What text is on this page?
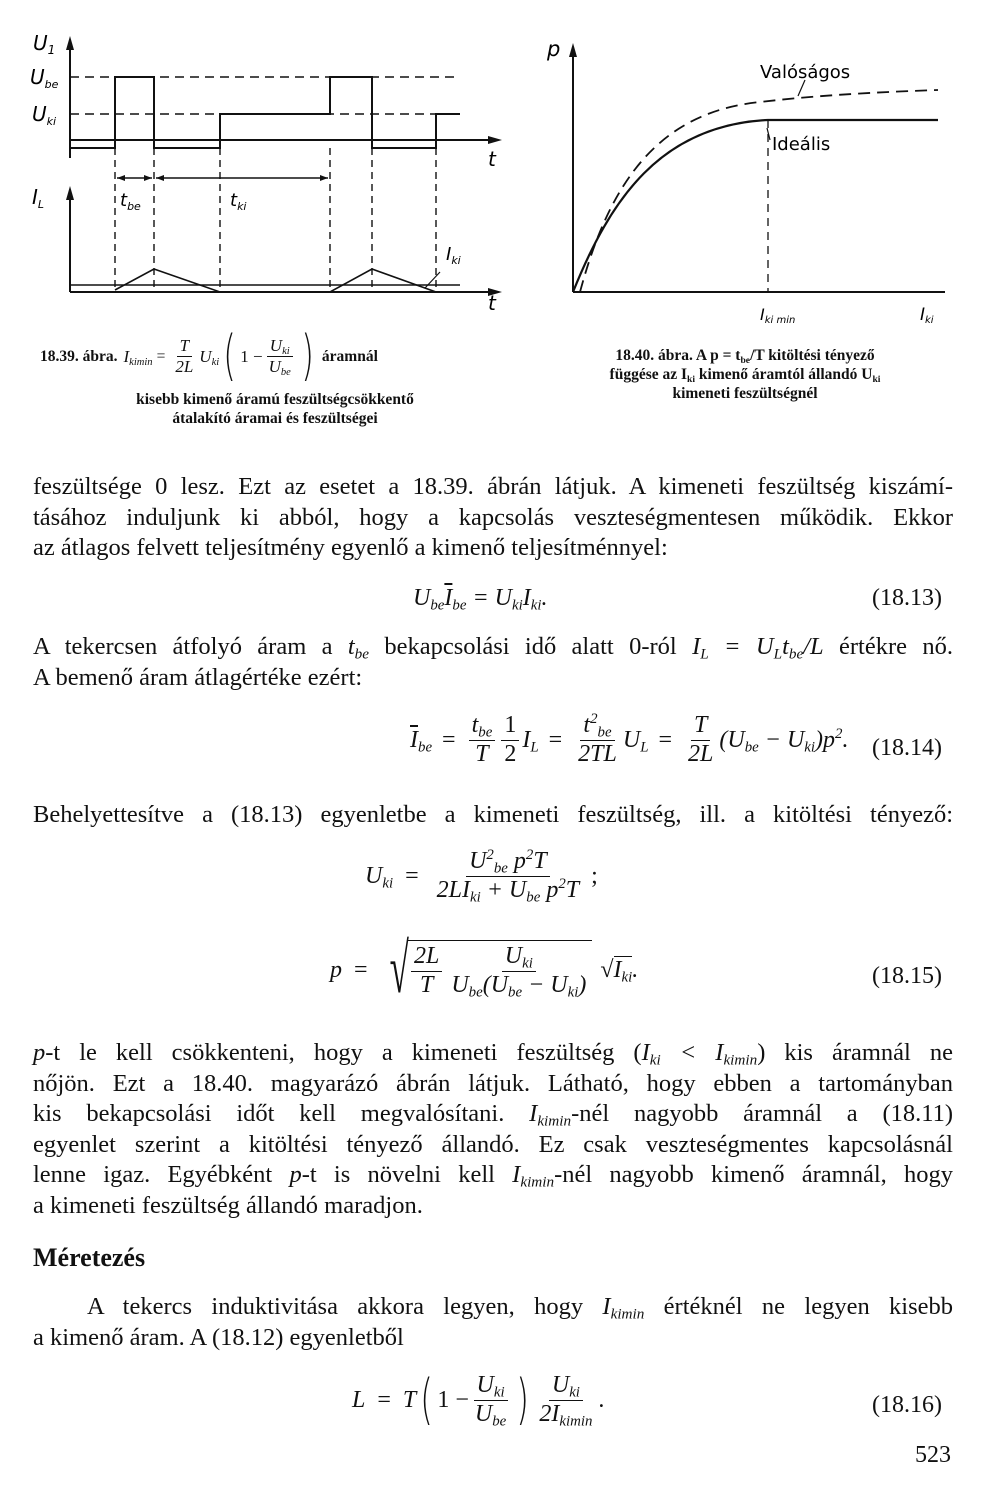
$U_1$
$U_{be}$
$U_{ki}$
t
$I_L$	$t_{be}$	$t_{ki}$
$I_{ki}$
t
18.39. ábra. $I_{kimin} = \frac{T}{2L} U_{ki}$ ( $1 - \frac{U_{ki}}{U_{be}}$ ) áramnál
kisebb kimenő áramú feszültségcsökkentő
átalakító áramai és feszültségei
p
Valóságos
Ideális
Iki min	Iki
18.40. ábra. A $p = t_{be}/T$ kitöltési tényező
függése az $I_{ki}$ kimenő áramtól állandó $U_{ki}$
kimeneti feszültségnél
feszültsége 0 lesz. Ezt az esetet a 18.39. ábrán látjuk. A kimeneti feszültség kiszámí-
tásához induljunk ki abból, hogy a kapcsolás veszteségmentesen működik. Ekkor
az átlagos felvett teljesítmény egyenlő a kimenő teljesítménnyel:
$U_{be}\overline{I}_{be} = U_{ki}I_{ki}$.	(18.13)
A tekercsen átfolyó áram a $t_{be}$ bekapcsolási idő alatt 0-ról $I_L = U_Lt_{be}/L$ értékre nő.
A bemenő áram átlagértéke ezért:
$\overline{I}_{be} = \frac{t_{be}}{T} \frac{1}{2} I_L = \frac{t^2_{be}}{2TL} U_L = \frac{T}{2L} (U_{be} - U_{ki})p^2$. (18.14)
Behelyettesítve a (18.13) egyenletbe a kimeneti feszültség, ill. a kitöltési tényező:
$U_{ki} = \frac{U^2_{be} p^2T}{2LI_{ki} + U_{be} p^2T}$ ;
p = √ $\frac{2L}{T} \frac{U_{ki}}{U_{be}(U_{be} - U_{ki})} √I_{ki}$.	(18.15)
p-t le kell csökkenteni, hogy a kimeneti feszültség $(I_{ki} < I_{kimin})$ kis áramnál ne
nőjön. Ezt a 18.40. magyarázó ábrán látjuk. Látható, hogy ebben a tartományban
kis bekapcsolási időt kell megvalósítani. $I_{kimin}$-nél nagyobb áramnál a (18.11)
egyenlet szerint a kitöltési tényező állandó. Ez csak veszteségmentes kapcsolásnál
lenne igaz. Egyébként p-t is növelni kell $I_{kimin}$-nél nagyobb kimenő áramnál, hogy
a kimeneti feszültség állandó maradjon.
Méretezés
A tekercs induktivitása akkora legyen, hogy $I_{kimin}$ értéknél ne legyen kisebb
a kimenő áram. A (18.12) egyenletből
L = T ( $1 - \frac{U_{ki}}{U_{be}}$ ) $\frac{U_{ki}}{2I_{kimin}}$ .	(18.16)
523
